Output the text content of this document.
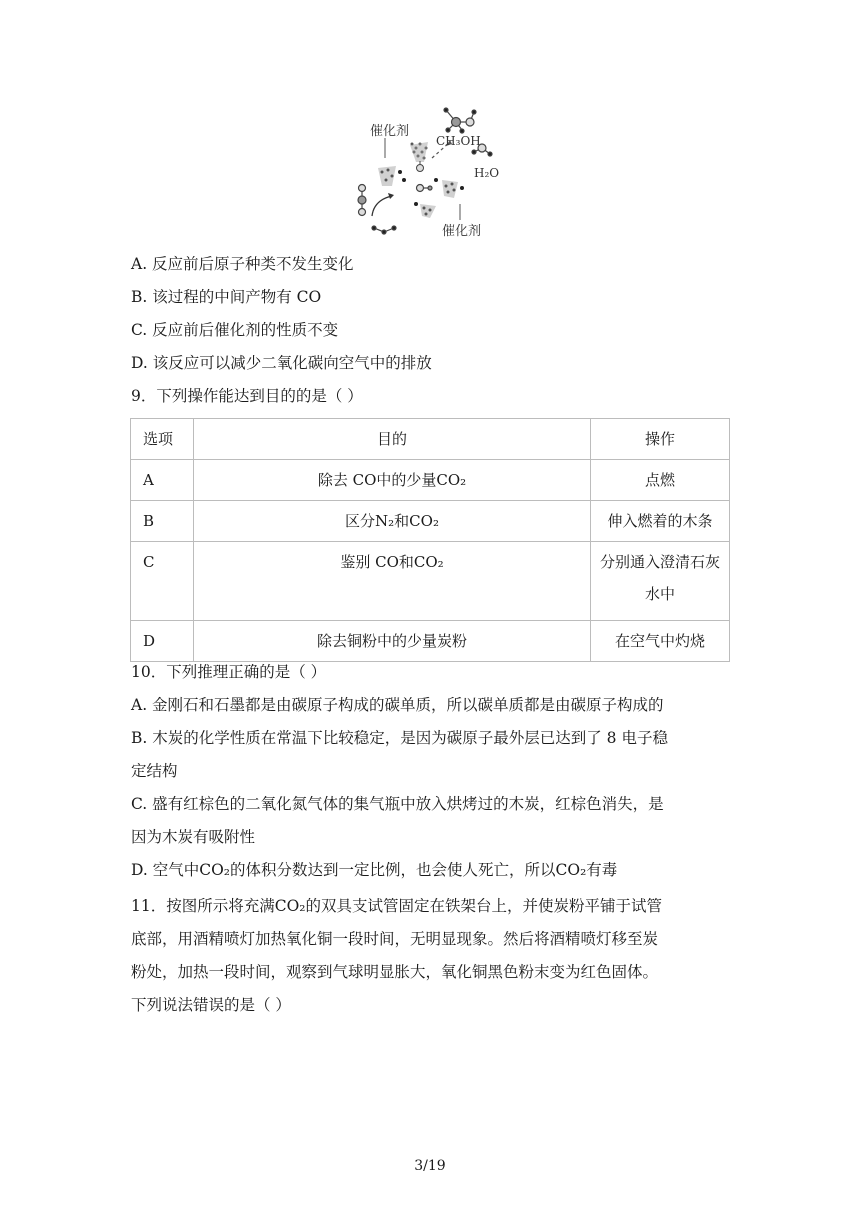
催化剂
CH₃OH
H₂O
催化剂
A. 反应前后原子种类不发生变化
B. 该过程的中间产物有 CO
C. 反应前后催化剂的性质不变
D. 该反应可以减少二氧化碳向空气中的排放
9．下列操作能达到目的的是（ ）
选项	目的	操作
A	除去 CO中的少量CO₂	点燃
B	区分N₂和CO₂	伸入燃着的木条
C	鉴别 CO和CO₂	分别通入澄清石灰
水中
D	除去铜粉中的少量炭粉	在空气中灼烧
10．下列推理正确的是（ ）
A. 金刚石和石墨都是由碳原子构成的碳单质，所以碳单质都是由碳原子构成的
B. 木炭的化学性质在常温下比较稳定，是因为碳原子最外层已达到了 8 电子稳
定结构
C. 盛有红棕色的二氧化氮气体的集气瓶中放入烘烤过的木炭，红棕色消失，是
因为木炭有吸附性
D. 空气中CO₂的体积分数达到一定比例，也会使人死亡，所以CO₂有毒
11．按图所示将充满CO₂的双具支试管固定在铁架台上，并使炭粉平铺于试管
底部，用酒精喷灯加热氧化铜一段时间，无明显现象。然后将酒精喷灯移至炭
粉处，加热一段时间，观察到气球明显胀大，氧化铜黑色粉末变为红色固体。
下列说法错误的是（ ）
3/19
